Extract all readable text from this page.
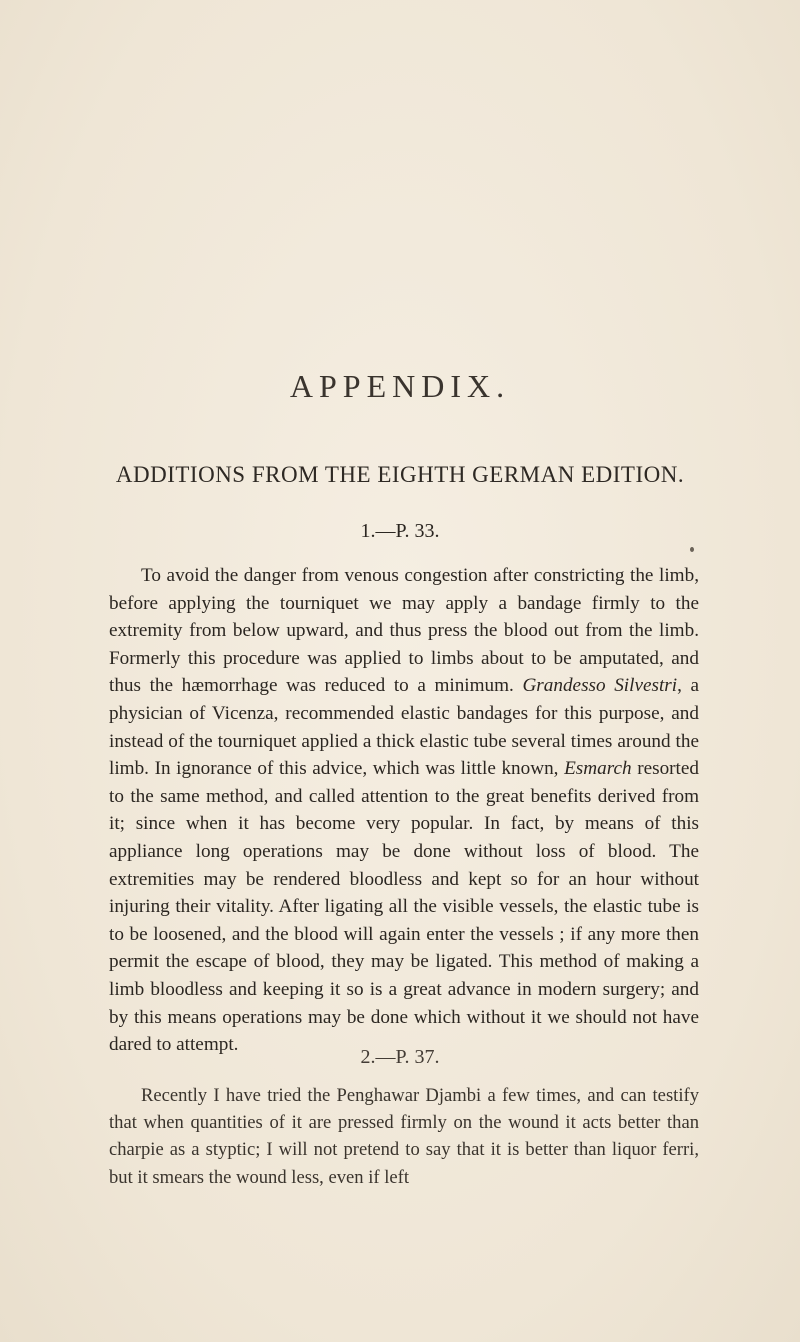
APPENDIX.
ADDITIONS FROM THE EIGHTH GERMAN EDITION.
1.—P. 33.

To avoid the danger from venous congestion after constricting the limb, before applying the tourniquet we may apply a bandage firmly to the extremity from below upward, and thus press the blood out from the limb. Formerly this procedure was applied to limbs about to be amputated, and thus the hæmorrhage was reduced to a minimum. Grandesso Silvestri, a physician of Vicenza, recommended elastic bandages for this purpose, and instead of the tourniquet applied a thick elastic tube several times around the limb. In ignorance of this advice, which was little known, Esmarch resorted to the same method, and called attention to the great benefits derived from it; since when it has become very popular. In fact, by means of this appliance long operations may be done without loss of blood. The extremities may be rendered bloodless and kept so for an hour without injuring their vitality. After ligating all the visible vessels, the elastic tube is to be loosened, and the blood will again enter the vessels ; if any more then permit the escape of blood, they may be ligated. This method of making a limb bloodless and keeping it so is a great advance in modern surgery; and by this means operations may be done which without it we should not have dared to attempt.

2.—P. 37.

Recently I have tried the Penghawar Djambi a few times, and can testify that when quantities of it are pressed firmly on the wound it acts better than charpie as a styptic; I will not pretend to say that it is better than liquor ferri, but it smears the wound less, even if left
